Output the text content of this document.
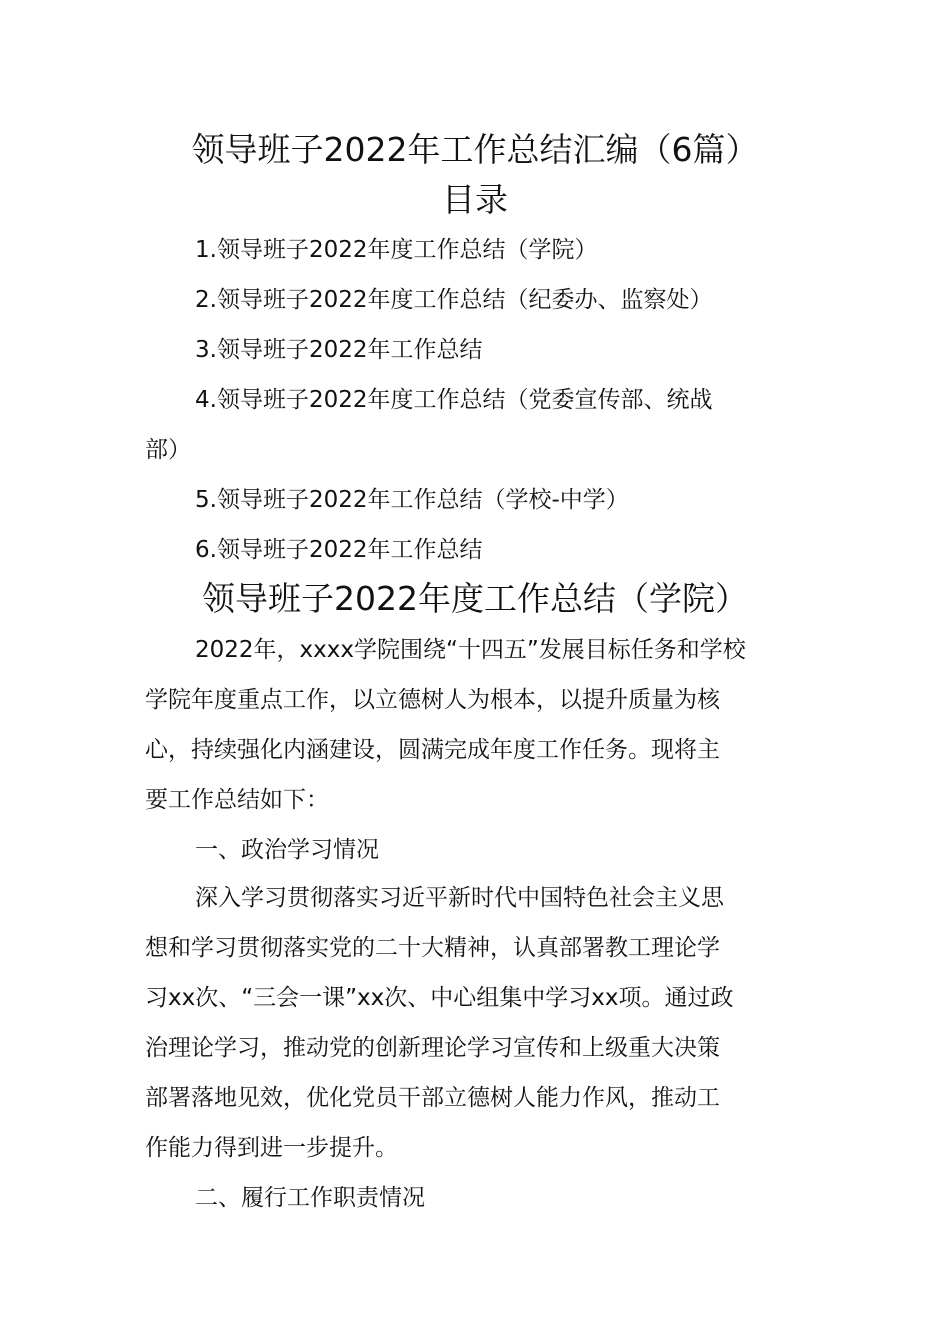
领导班子2022年工作总结汇编（6篇）
目录

1.领导班子2022年度工作总结（学院）

2.领导班子2022年度工作总结（纪委办、监察处）

3.领导班子2022年工作总结

4.领导班子2022年度工作总结（党委宣传部、统战

部）

5.领导班子2022年工作总结（学校-中学）

6.领导班子2022年工作总结

领导班子2022年度工作总结（学院）

2022年，xxxx学院围绕“十四五”发展目标任务和学校

学院年度重点工作，以立德树人为根本，以提升质量为核

心，持续强化内涵建设，圆满完成年度工作任务。现将主

要工作总结如下：

一、政治学习情况

深入学习贯彻落实习近平新时代中国特色社会主义思

想和学习贯彻落实党的二十大精神，认真部署教工理论学

习xx次、“三会一课”xx次、中心组集中学习xx项。通过政

治理论学习，推动党的创新理论学习宣传和上级重大决策

部署落地见效，优化党员干部立德树人能力作风，推动工

作能力得到进一步提升。

二、履行工作职责情况
